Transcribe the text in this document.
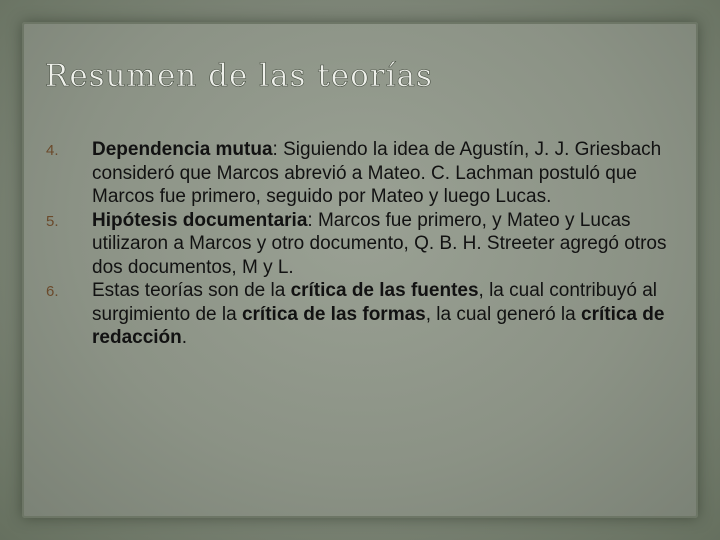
Resumen de las teorías
4.	Dependencia mutua: Siguiendo la idea de Agustín, J. J. Griesbach consideró que Marcos abrevió a Mateo. C. Lachman postuló que Marcos fue primero, seguido por Mateo y luego Lucas.
5.	Hipótesis documentaria: Marcos fue primero, y Mateo y Lucas utilizaron a Marcos y otro documento, Q. B. H. Streeter agregó otros dos documentos, M y L.
6.	Estas teorías son de la crítica de las fuentes, la cual contribuyó al surgimiento de la crítica de las formas, la cual generó la crítica de redacción.
